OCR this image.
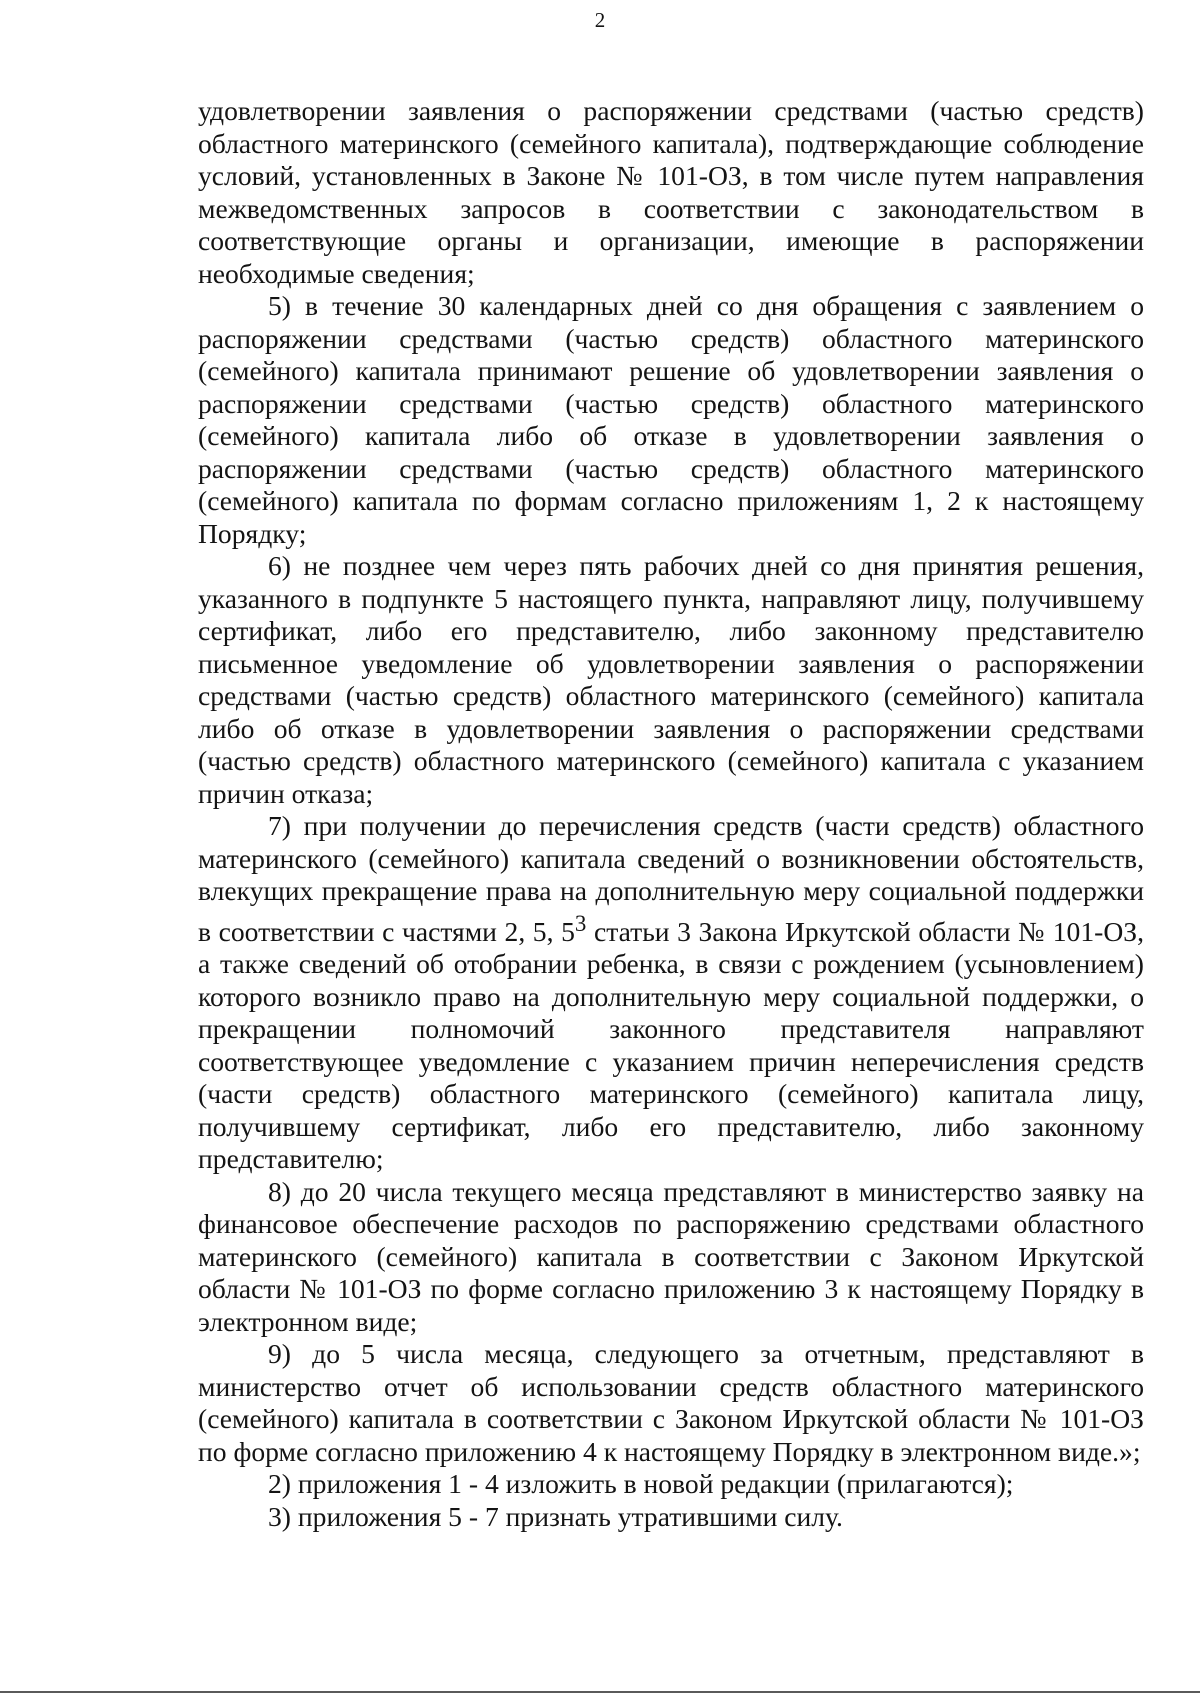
2

удовлетворении заявления о распоряжении средствами (частью средств) областного материнского (семейного капитала), подтверждающие соблюдение условий, установленных в Законе № 101-ОЗ, в том числе путем направления межведомственных запросов в соответствии с законодательством в соответствующие органы и организации, имеющие в распоряжении необходимые сведения;

5) в течение 30 календарных дней со дня обращения с заявлением о распоряжении средствами (частью средств) областного материнского (семейного) капитала принимают решение об удовлетворении заявления о распоряжении средствами (частью средств) областного материнского (семейного) капитала либо об отказе в удовлетворении заявления о распоряжении средствами (частью средств) областного материнского (семейного) капитала по формам согласно приложениям 1, 2 к настоящему Порядку;

6) не позднее чем через пять рабочих дней со дня принятия решения, указанного в подпункте 5 настоящего пункта, направляют лицу, получившему сертификат, либо его представителю, либо законному представителю письменное уведомление об удовлетворении заявления о распоряжении средствами (частью средств) областного материнского (семейного) капитала либо об отказе в удовлетворении заявления о распоряжении средствами (частью средств) областного материнского (семейного) капитала с указанием причин отказа;

7) при получении до перечисления средств (части средств) областного материнского (семейного) капитала сведений о возникновении обстоятельств, влекущих прекращение права на дополнительную меру социальной поддержки в соответствии с частями 2, 5, $5^3$ статьи 3 Закона Иркутской области № 101-ОЗ, а также сведений об отобрании ребенка, в связи с рождением (усыновлением) которого возникло право на дополнительную меру социальной поддержки, о прекращении полномочий законного представителя направляют соответствующее уведомление с указанием причин неперечисления средств (части средств) областного материнского (семейного) капитала лицу, получившему сертификат, либо его представителю, либо законному представителю;

8) до 20 числа текущего месяца представляют в министерство заявку на финансовое обеспечение расходов по распоряжению средствами областного материнского (семейного) капитала в соответствии с Законом Иркутской области № 101-ОЗ по форме согласно приложению 3 к настоящему Порядку в электронном виде;

9) до 5 числа месяца, следующего за отчетным, представляют в министерство отчет об использовании средств областного материнского (семейного) капитала в соответствии с Законом Иркутской области № 101-ОЗ по форме согласно приложению 4 к настоящему Порядку в электронном виде.»;

2) приложения 1 - 4 изложить в новой редакции (прилагаются);

3) приложения 5 - 7 признать утратившими силу.
